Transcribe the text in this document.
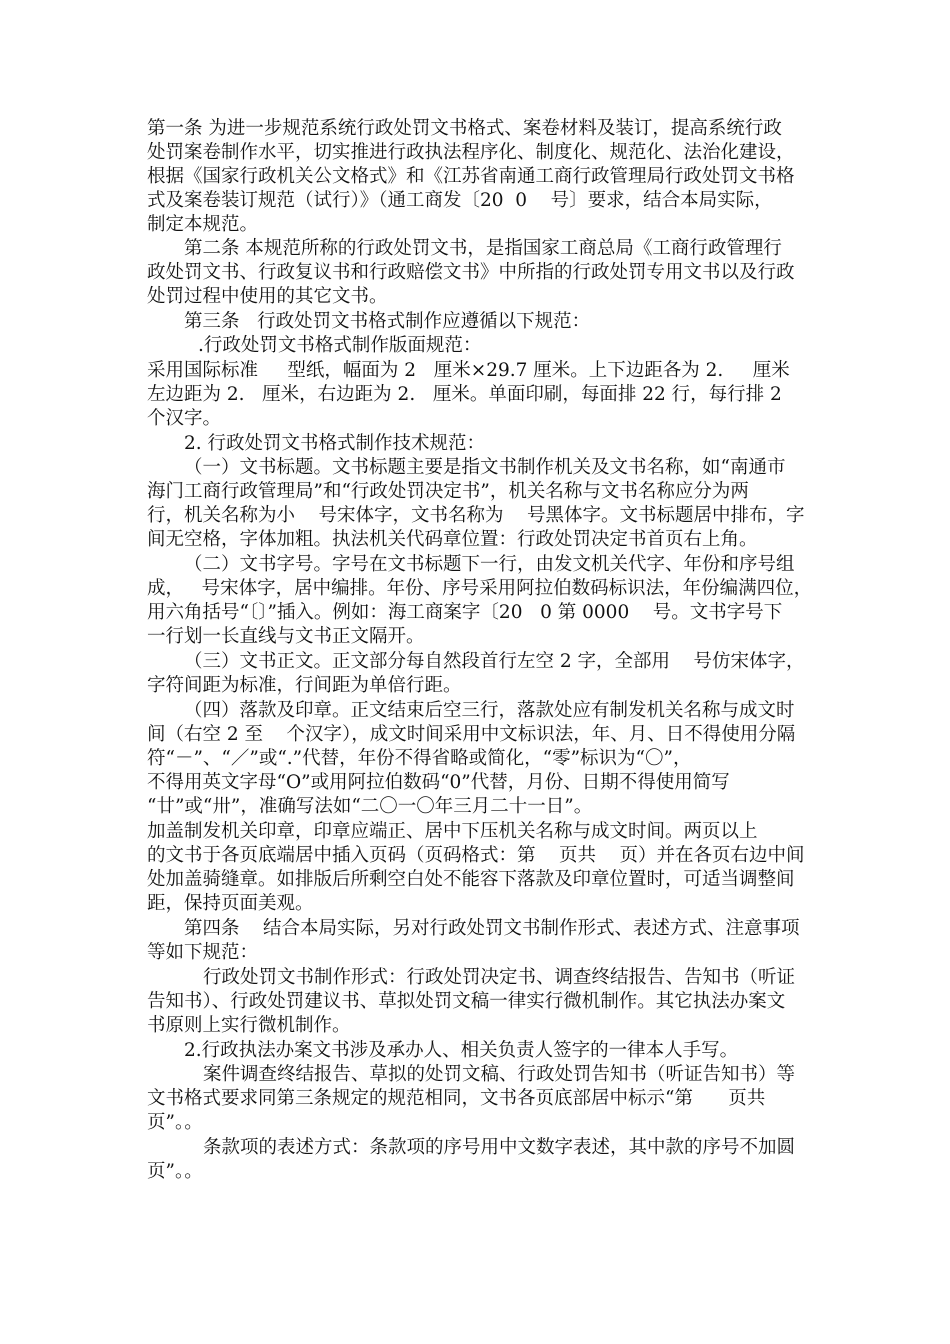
第一条 为进一步规范系统行政处罚文书格式、案卷材料及装订，提高系统行政
处罚案卷制作水平，切实推进行政执法程序化、制度化、规范化、法治化建设，
根据《国家行政机关公文格式》和《江苏省南通工商行政管理局行政处罚文书格
式及案卷装订规范（试行）》（通工商发〔20  0    号〕要求，结合本局实际，
制定本规范。
第二条 本规范所称的行政处罚文书，是指国家工商总局《工商行政管理行
政处罚文书、行政复议书和行政赔偿文书》中所指的行政处罚专用文书以及行政
处罚过程中使用的其它文书。
第三条   行政处罚文书格式制作应遵循以下规范：
.行政处罚文书格式制作版面规范：
采用国际标准     型纸，幅面为 2   厘米×29.7 厘米。上下边距各为 2.     厘米
左边距为 2.   厘米，右边距为 2.   厘米。单面印刷，每面排 22 行，每行排 2
个汉字。
2. 行政处罚文书格式制作技术规范：
（一）文书标题。文书标题主要是指文书制作机关及文书名称，如“南通市
海门工商行政管理局”和“行政处罚决定书”，机关名称与文书名称应分为两
行，机关名称为小    号宋体字，文书名称为    号黑体字。文书标题居中排布，字
间无空格，字体加粗。执法机关代码章位置：行政处罚决定书首页右上角。
（二）文书字号。字号在文书标题下一行，由发文机关代字、年份和序号组
成，   号宋体字，居中编排。年份、序号采用阿拉伯数码标识法，年份编满四位，
用六角括号“〔〕”插入。例如：海工商案字〔20   0 第 0000    号。文书字号下
一行划一长直线与文书正文隔开。
（三）文书正文。正文部分每自然段首行左空 2 字，全部用    号仿宋体字，
字符间距为标准，行间距为单倍行距。
（四）落款及印章。正文结束后空三行，落款处应有制发机关名称与成文时
间（右空 2 至    个汉字），成文时间采用中文标识法，年、月、日不得使用分隔
符“－”、“／”或“.”代替，年份不得省略或简化，“零”标识为“〇”，
不得用英文字母“O”或用阿拉伯数码“0”代替，月份、日期不得使用简写
“廿”或“卅”，准确写法如“二〇一〇年三月二十一日”。
加盖制发机关印章，印章应端正、居中下压机关名称与成文时间。两页以上
的文书于各页底端居中插入页码（页码格式：第    页共    页）并在各页右边中间
处加盖骑缝章。如排版后所剩空白处不能容下落款及印章位置时，可适当调整间
距，保持页面美观。
第四条    结合本局实际，另对行政处罚文书制作形式、表述方式、注意事项
等如下规范：
行政处罚文书制作形式：行政处罚决定书、调查终结报告、告知书（听证
告知书）、行政处罚建议书、草拟处罚文稿一律实行微机制作。其它执法办案文
书原则上实行微机制作。
2.行政执法办案文书涉及承办人、相关负责人签字的一律本人手写。
案件调查终结报告、草拟的处罚文稿、行政处罚告知书（听证告知书）等
文书格式要求同第三条规定的规范相同，文书各页底部居中标示“第      页共
页”。。
条款项的表述方式：条款项的序号用中文数字表述，其中款的序号不加圆
页”。。
